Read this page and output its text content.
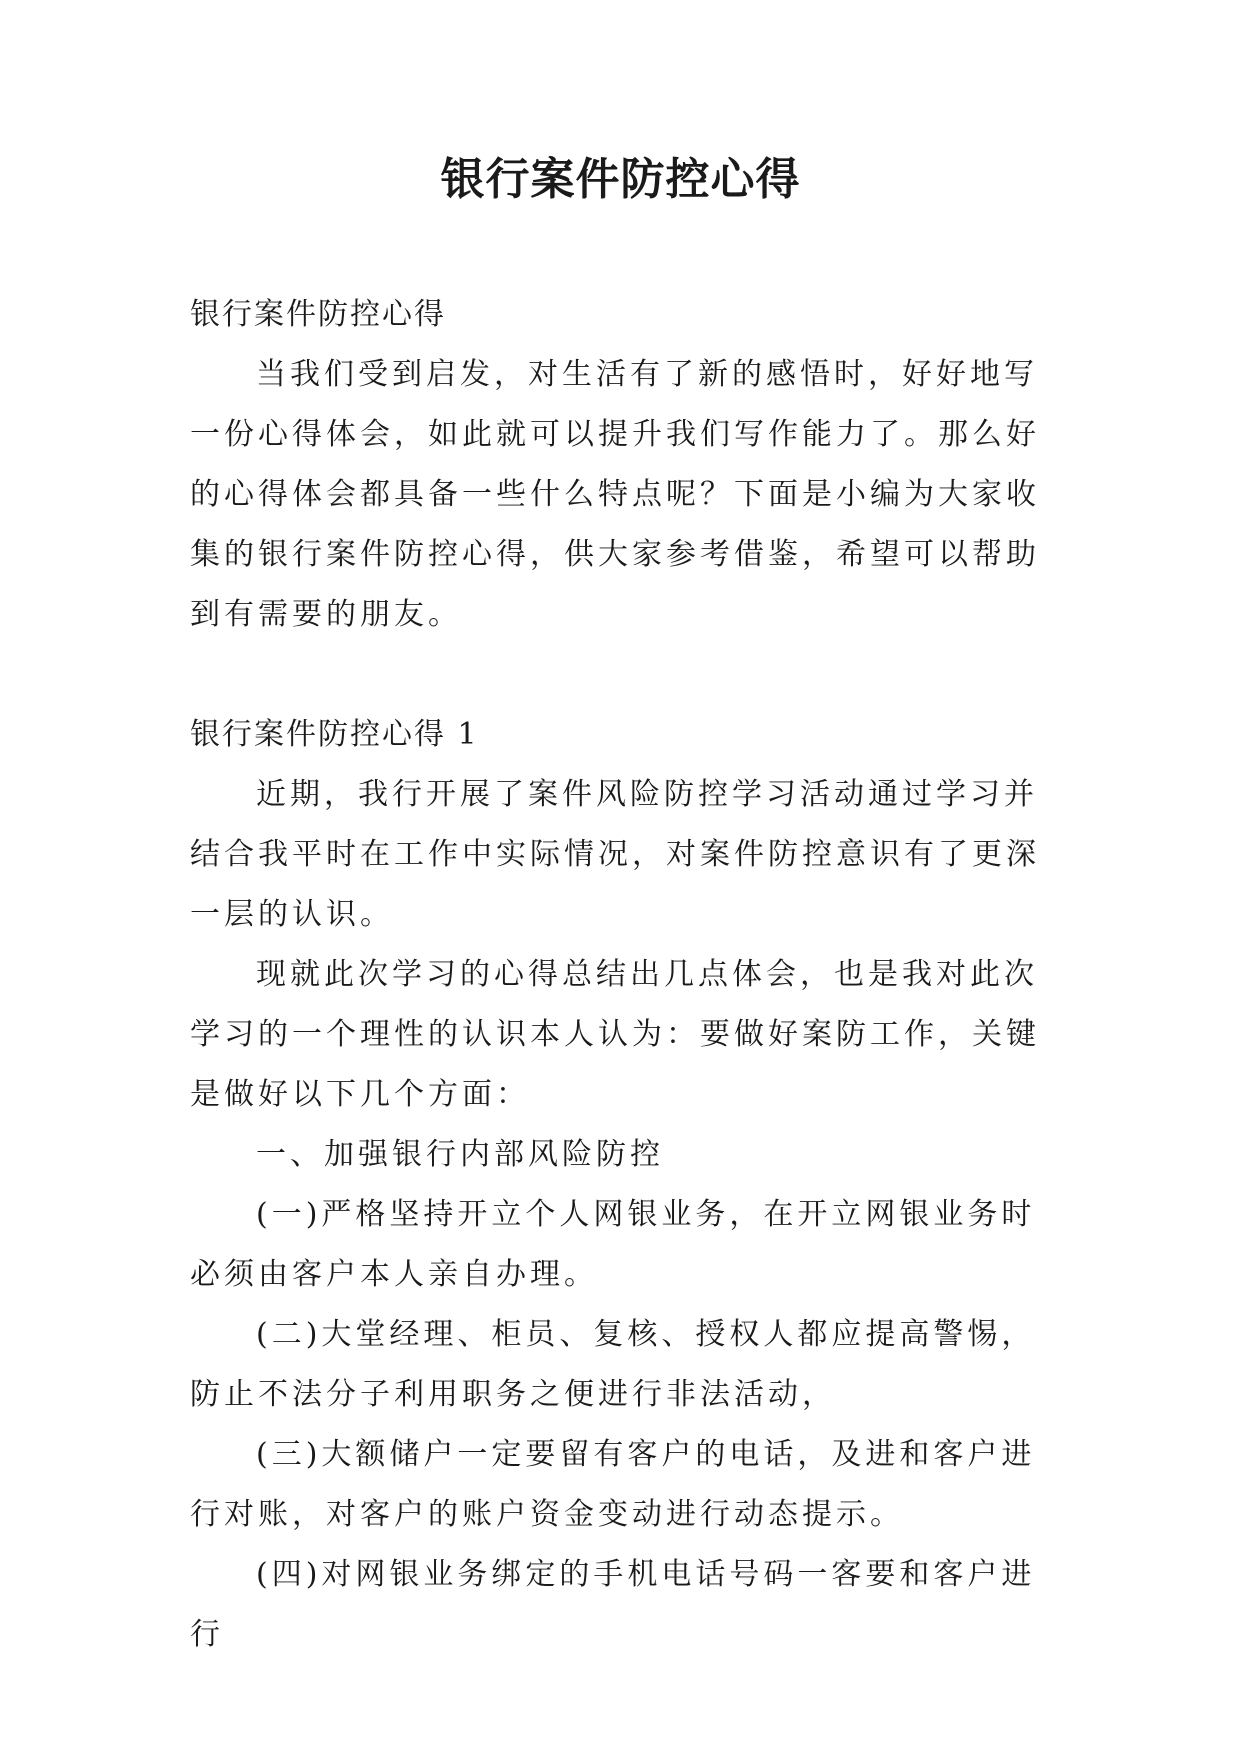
银行案件防控心得

银行案件防控心得

当我们受到启发，对生活有了新的感悟时，好好地写一份心得体会，如此就可以提升我们写作能力了。那么好的心得体会都具备一些什么特点呢？下面是小编为大家收集的银行案件防控心得，供大家参考借鉴，希望可以帮助到有需要的朋友。

银行案件防控心得 1

近期，我行开展了案件风险防控学习活动通过学习并结合我平时在工作中实际情况，对案件防控意识有了更深一层的认识。

现就此次学习的心得总结出几点体会，也是我对此次学习的一个理性的认识本人认为：要做好案防工作，关键是做好以下几个方面：

一、加强银行内部风险防控

(一)严格坚持开立个人网银业务，在开立网银业务时必须由客户本人亲自办理。

(二)大堂经理、柜员、复核、授权人都应提高警惕，防止不法分子利用职务之便进行非法活动，

(三)大额储户一定要留有客户的电话，及进和客户进行对账，对客户的账户资金变动进行动态提示。

(四)对网银业务绑定的手机电话号码一客要和客户进行
